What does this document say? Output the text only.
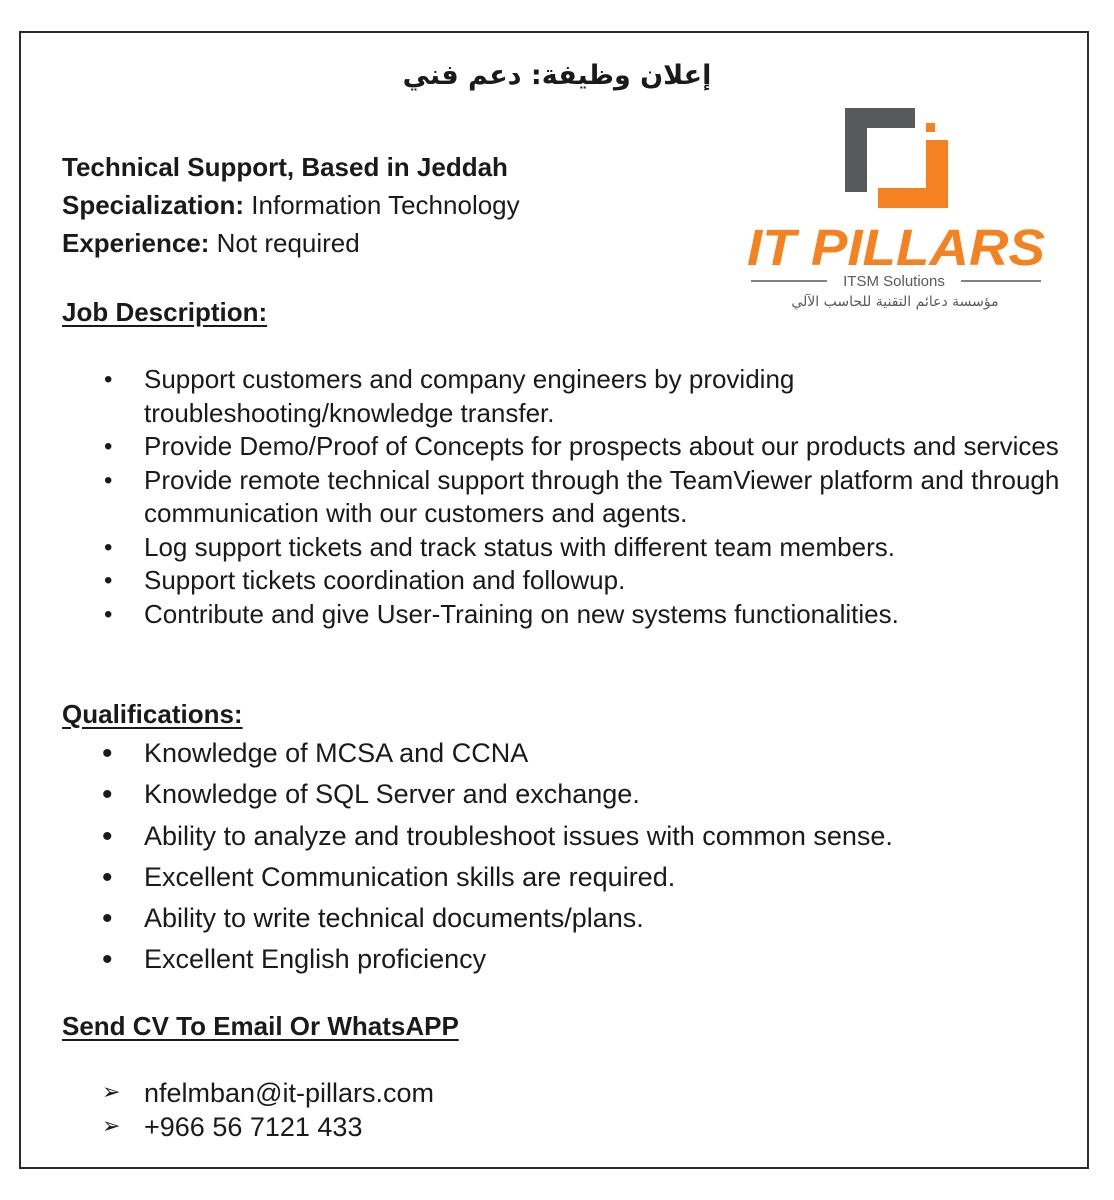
إعلان وظيفة: دعم فني
IT PILLARS
ITSM Solutions
مؤسسة دعائم التقنية للحاسب الآلي
Technical Support, Based in Jeddah
Specialization: Information Technology
Experience: Not required
Job Description:
• Support customers and company engineers by providing troubleshooting/knowledge transfer.
• Provide Demo/Proof of Concepts for prospects about our products and services
• Provide remote technical support through the TeamViewer platform and through communication with our customers and agents.
• Log support tickets and track status with different team members.
• Support tickets coordination and followup.
• Contribute and give User-Training on new systems functionalities.
Qualifications:
• Knowledge of MCSA and CCNA
• Knowledge of SQL Server and exchange.
• Ability to analyze and troubleshoot issues with common sense.
• Excellent Communication skills are required.
• Ability to write technical documents/plans.
• Excellent English proficiency
Send CV To Email Or WhatsAPP
➢ nfelmban@it-pillars.com
➢ +966 56 7121 433
